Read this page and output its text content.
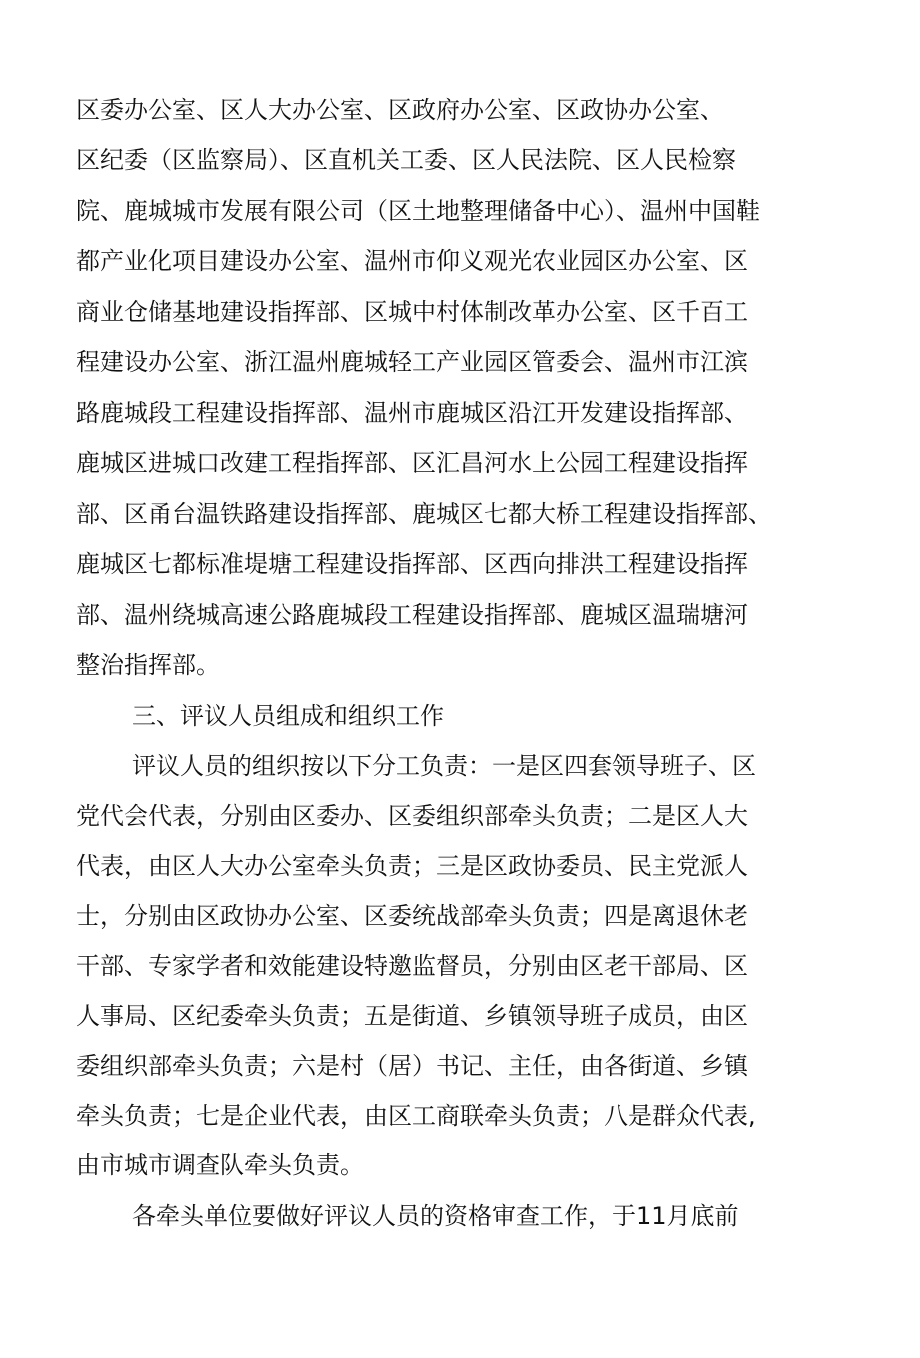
区委办公室、区人大办公室、区政府办公室、区政协办公室、
区纪委（区监察局）、区直机关工委、区人民法院、区人民检察
院、鹿城城市发展有限公司（区土地整理储备中心）、温州中国鞋
都产业化项目建设办公室、温州市仰义观光农业园区办公室、区
商业仓储基地建设指挥部、区城中村体制改革办公室、区千百工
程建设办公室、浙江温州鹿城轻工产业园区管委会、温州市江滨
路鹿城段工程建设指挥部、温州市鹿城区沿江开发建设指挥部、
鹿城区进城口改建工程指挥部、区汇昌河水上公园工程建设指挥
部、区甬台温铁路建设指挥部、鹿城区七都大桥工程建设指挥部、
鹿城区七都标准堤塘工程建设指挥部、区西向排洪工程建设指挥
部、温州绕城高速公路鹿城段工程建设指挥部、鹿城区温瑞塘河
整治指挥部。
三、评议人员组成和组织工作
评议人员的组织按以下分工负责：一是区四套领导班子、区
党代会代表，分别由区委办、区委组织部牵头负责；二是区人大
代表，由区人大办公室牵头负责；三是区政协委员、民主党派人
士，分别由区政协办公室、区委统战部牵头负责；四是离退休老
干部、专家学者和效能建设特邀监督员，分别由区老干部局、区
人事局、区纪委牵头负责；五是街道、乡镇领导班子成员，由区
委组织部牵头负责；六是村（居）书记、主任，由各街道、乡镇
牵头负责；七是企业代表，由区工商联牵头负责；八是群众代表,
由市城市调查队牵头负责。
各牵头单位要做好评议人员的资格审查工作，于11月底前
